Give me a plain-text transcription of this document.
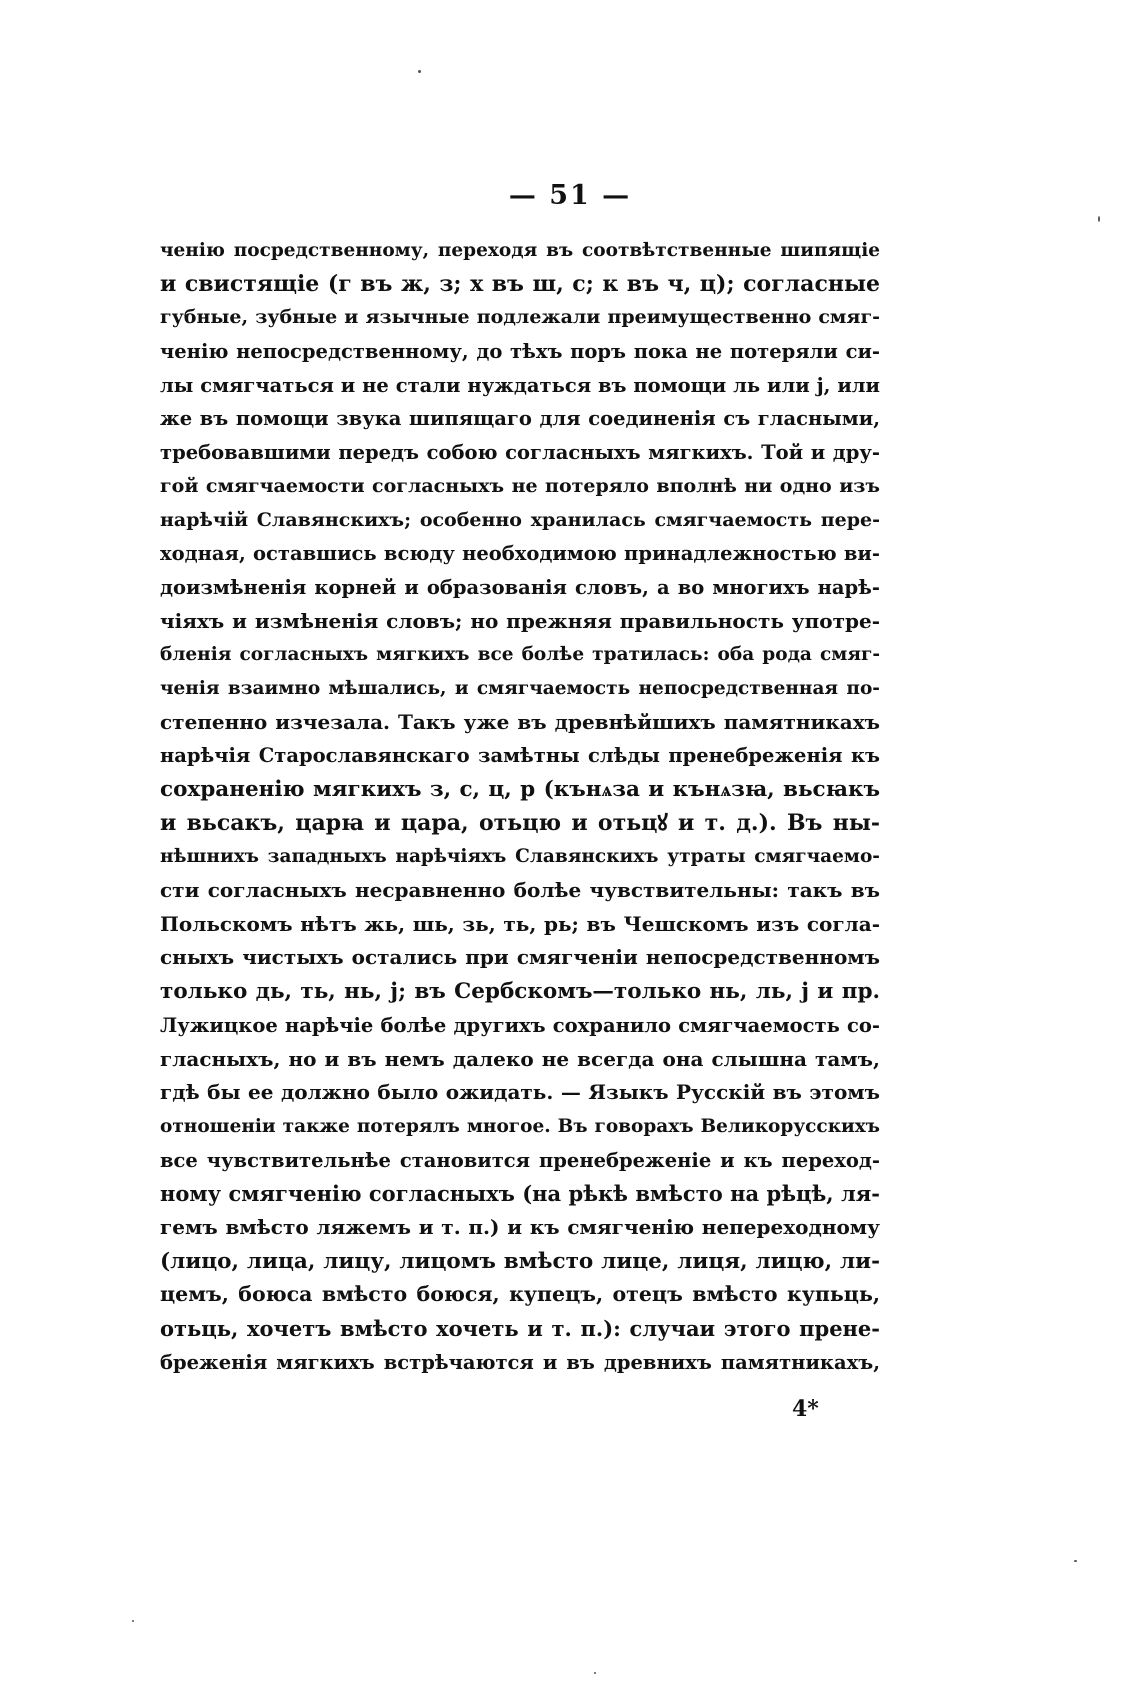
— 51 —
ченію посредственному, переходя въ соотвѣтственные шипящіе
и свистящіе (г въ ж, з; х въ ш, с; к въ ч, ц); согласные
губные, зубные и язычные подлежали преимущественно смяг-
ченію непосредственному, до тѣхъ поръ пока не потеряли си-
лы смягчаться и не стали нуждаться въ помощи ль или j, или
же въ помощи звука шипящаго для соединенія съ гласными,
требовавшими передъ собою согласныхъ мягкихъ. Той и дру-
гой смягчаемости согласныхъ не потеряло вполнѣ ни одно изъ
нарѣчій Славянскихъ; особенно хранилась смягчаемость пере-
ходная, оставшись всюду необходимою принадлежностью ви-
доизмѣненія корней и образованія словъ, а во многихъ нарѣ-
чіяхъ и измѣненія словъ; но прежняя правильность употре-
бленія согласныхъ мягкихъ все болѣе тратилась: оба рода смяг-
ченія взаимно мѣшались, и смягчаемость непосредственная по-
степенно изчезала. Такъ уже въ древнѣйшихъ памятникахъ
нарѣчія Старославянскаго замѣтны слѣды пренебреженія къ
сохраненію мягкихъ з, с, ц, р (кънѧза и кънѧзꙗ, вьсꙗкъ
и вьсакъ, царꙗ и цара, отьцю и отьцꙋ и т. д.). Въ ны-
нѣшнихъ западныхъ нарѣчіяхъ Славянскихъ утраты смягчаемо-
сти согласныхъ несравненно болѣе чувствительны: такъ въ
Польскомъ нѣтъ жь, шь, зь, ть, рь; въ Чешскомъ изъ согла-
сныхъ чистыхъ остались при смягченіи непосредственномъ
только дь, ть, нь, j; въ Сербскомъ—только нь, ль, j и пр.
Лужицкое нарѣчіе болѣе другихъ сохранило смягчаемость со-
гласныхъ, но и въ немъ далеко не всегда она слышна тамъ,
гдѣ бы ее должно было ожидать. — Языкъ Русскій въ этомъ
отношеніи также потерялъ многое. Въ говорахъ Великорусскихъ
все чувствительнѣе становится пренебреженіе и къ переход-
ному смягченію согласныхъ (на рѣкѣ вмѣсто на рѣцѣ, ля-
гемъ вмѣсто ляжемъ и т. п.) и къ смягченію непереходному
(лицо, лица, лицу, лицомъ вмѣсто лице, лиця, лицю, ли-
цемъ, боюса вмѣсто боюся, купецъ, отецъ вмѣсто купьць,
отьць, хочетъ вмѣсто хочеть и т. п.): случаи этого прене-
бреженія мягкихъ встрѣчаются и въ древнихъ памятникахъ,
4*
